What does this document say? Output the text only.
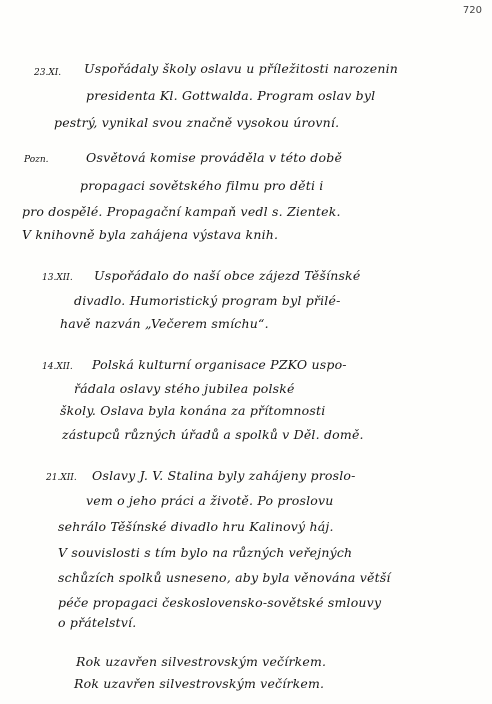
720
23.XI. Uspořádaly školy oslavu u příležitosti narozenin
presidenta Kl. Gottwalda. Program oslav byl
pestrý, vynikal svou značně vysokou úrovní.
Pozn.	Osvětová komise prováděla v této době
propagaci sovětského filmu pro děti i
pro dospělé. Propagační kampaň vedl s. Zientek.
V knihovně byla zahájena výstava knih.
13.XII. Uspořádalo do naší obce zájezd Těšínské
divadlo. Humoristický program byl přilé-
havě nazván „Večerem smíchu“.
14.XII. Polská kulturní organisace PZKO uspo-
řádala oslavy stého jubilea polské
školy. Oslava byla konána za přítomnosti
zástupců různých úřadů a spolků v Děl. domě.
21.XII. Oslavy J. V. Stalina byly zahájeny proslo-
vem o jeho práci a životě. Po proslovu
sehrálo Těšínské divadlo hru Kalinový háj.
V souvislosti s tím bylo na různých veřejných
schůzích spolků usneseno, aby byla věnována větší
péče propagaci československo-sovětské smlouvy
o přátelství.
Rok uzavřen silvestrovským večírkem.
Rok uzavřen silvestrovským večírkem.
